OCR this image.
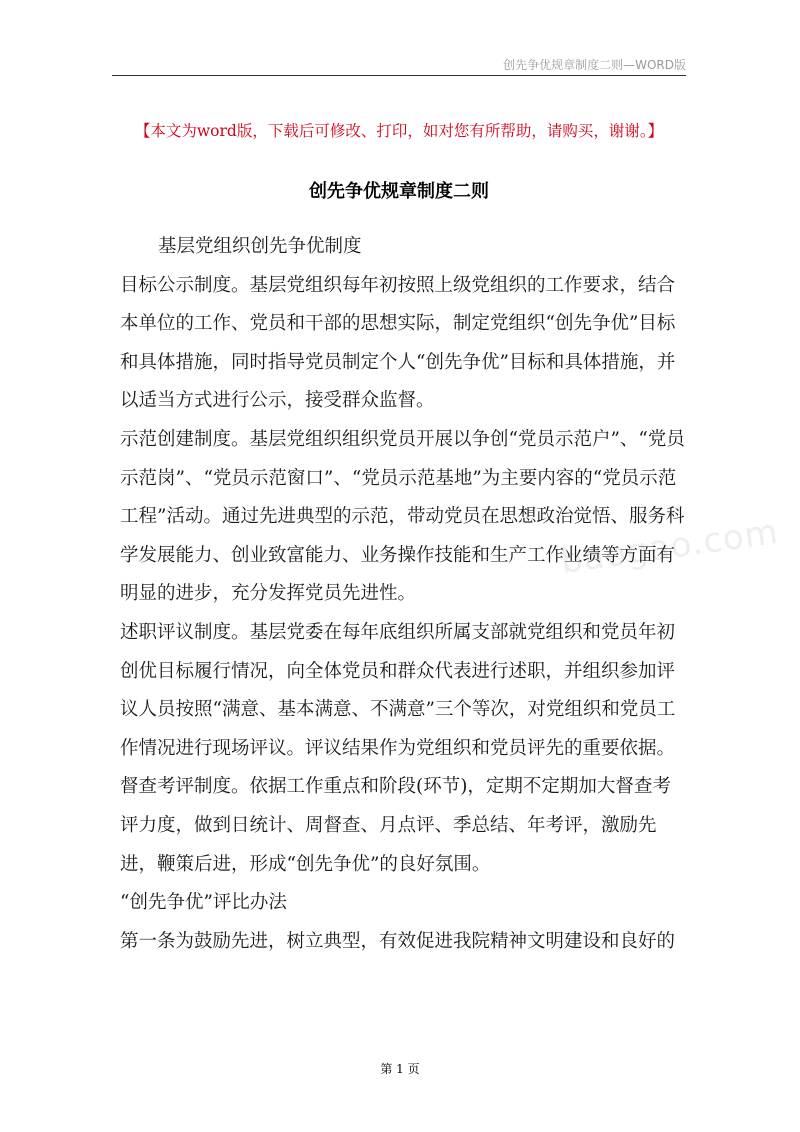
创先争优规章制度二则—WORD版
【本文为word版，下载后可修改、打印，如对您有所帮助，请购买，谢谢。】
创先争优规章制度二则
baogao.com

基层党组织创先争优制度

目标公示制度。基层党组织每年初按照上级党组织的工作要求，结合本单位的工作、党员和干部的思想实际，制定党组织“创先争优”目标和具体措施，同时指导党员制定个人“创先争优”目标和具体措施，并以适当方式进行公示，接受群众监督。

示范创建制度。基层党组织组织党员开展以争创“党员示范户”、“党员示范岗”、“党员示范窗口”、“党员示范基地”为主要内容的“党员示范工程”活动。通过先进典型的示范，带动党员在思想政治觉悟、服务科学发展能力、创业致富能力、业务操作技能和生产工作业绩等方面有明显的进步，充分发挥党员先进性。

述职评议制度。基层党委在每年底组织所属支部就党组织和党员年初创优目标履行情况，向全体党员和群众代表进行述职，并组织参加评议人员按照“满意、基本满意、不满意”三个等次，对党组织和党员工作情况进行现场评议。评议结果作为党组织和党员评先的重要依据。

督查考评制度。依据工作重点和阶段(环节)，定期不定期加大督查考评力度，做到日统计、周督查、月点评、季总结、年考评，激励先进，鞭策后进，形成“创先争优”的良好氛围。

“创先争优”评比办法

第一条为鼓励先进，树立典型，有效促进我院精神文明建设和良好的

第 1 页
